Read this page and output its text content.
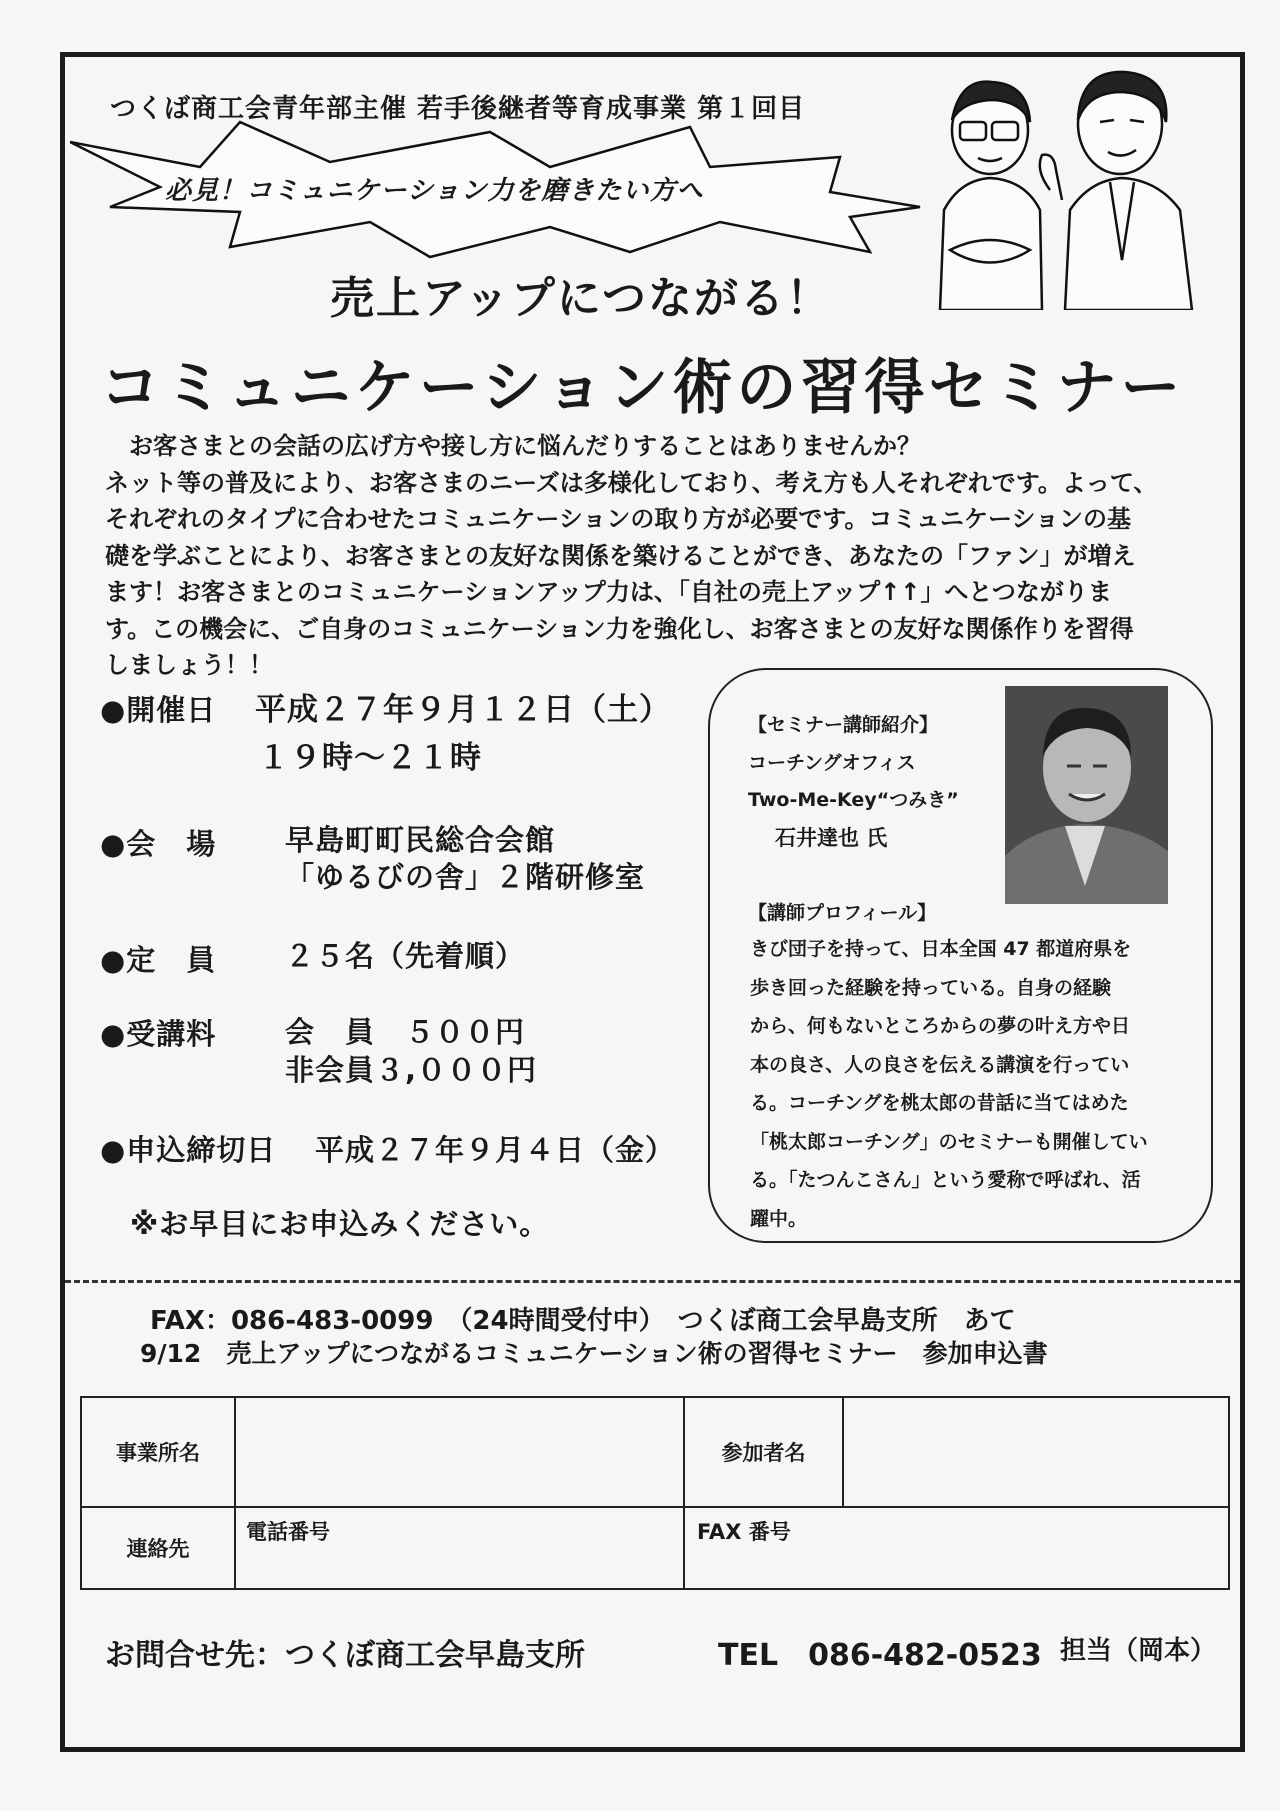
つくば商工会青年部主催 若手後継者等育成事業 第１回目
必見！コミュニケーション力を磨きたい方へ
売上アップにつながる！
コミュニケーション術の習得セミナー

　お客さまとの会話の広げ方や接し方に悩んだりすることはありませんか？

ネット等の普及により、お客さまのニーズは多様化しており、考え方も人それぞれです。よって、

それぞれのタイプに合わせたコミュニケーションの取り方が必要です。コミュニケーションの基

礎を学ぶことにより、お客さまとの友好な関係を築けることができ、あなたの「ファン」が増え

ます！お客さまとのコミュニケーションアップ力は、「自社の売上アップ↑↑」へとつながりま

す。この機会に、ご自身のコミュニケーション力を強化し、お客さまとの友好な関係作りを習得

しましょう！！

●開催日 平成２７年９月１２日（土）
１９時～２１時
●会　場 早島町町民総合会館
「ゆるびの舎」２階研修室
●定　員 ２５名（先着順）
●受講料 会　員　５００円
非会員３,０００円
●申込締切日 平成２７年９月４日（金）
※お早目にお申込みください。
【セミナー講師紹介】
コーチングオフィス
Two-Me-Key“つみき”
石井達也 氏
【講師プロフィール】
きび団子を持って、日本全国 47 都道府県を
歩き回った経験を持っている。自身の経験
から、何もないところからの夢の叶え方や日
本の良さ、人の良さを伝える講演を行ってい
る。コーチングを桃太郎の昔話に当てはめた
「桃太郎コーチング」のセミナーも開催してい
る。「たつんこさん」という愛称で呼ばれ、活
躍中。
FAX：086-483-0099　（24時間受付中）　つくぼ商工会早島支所　あて
9/12　売上アップにつながるコミュニケーション術の習得セミナー　参加申込書
事業所名		参加者名	
連絡先	電話番号	FAX 番号	
お問合せ先：つくぼ商工会早島支所	TEL　086-482-0523 担当（岡本）
